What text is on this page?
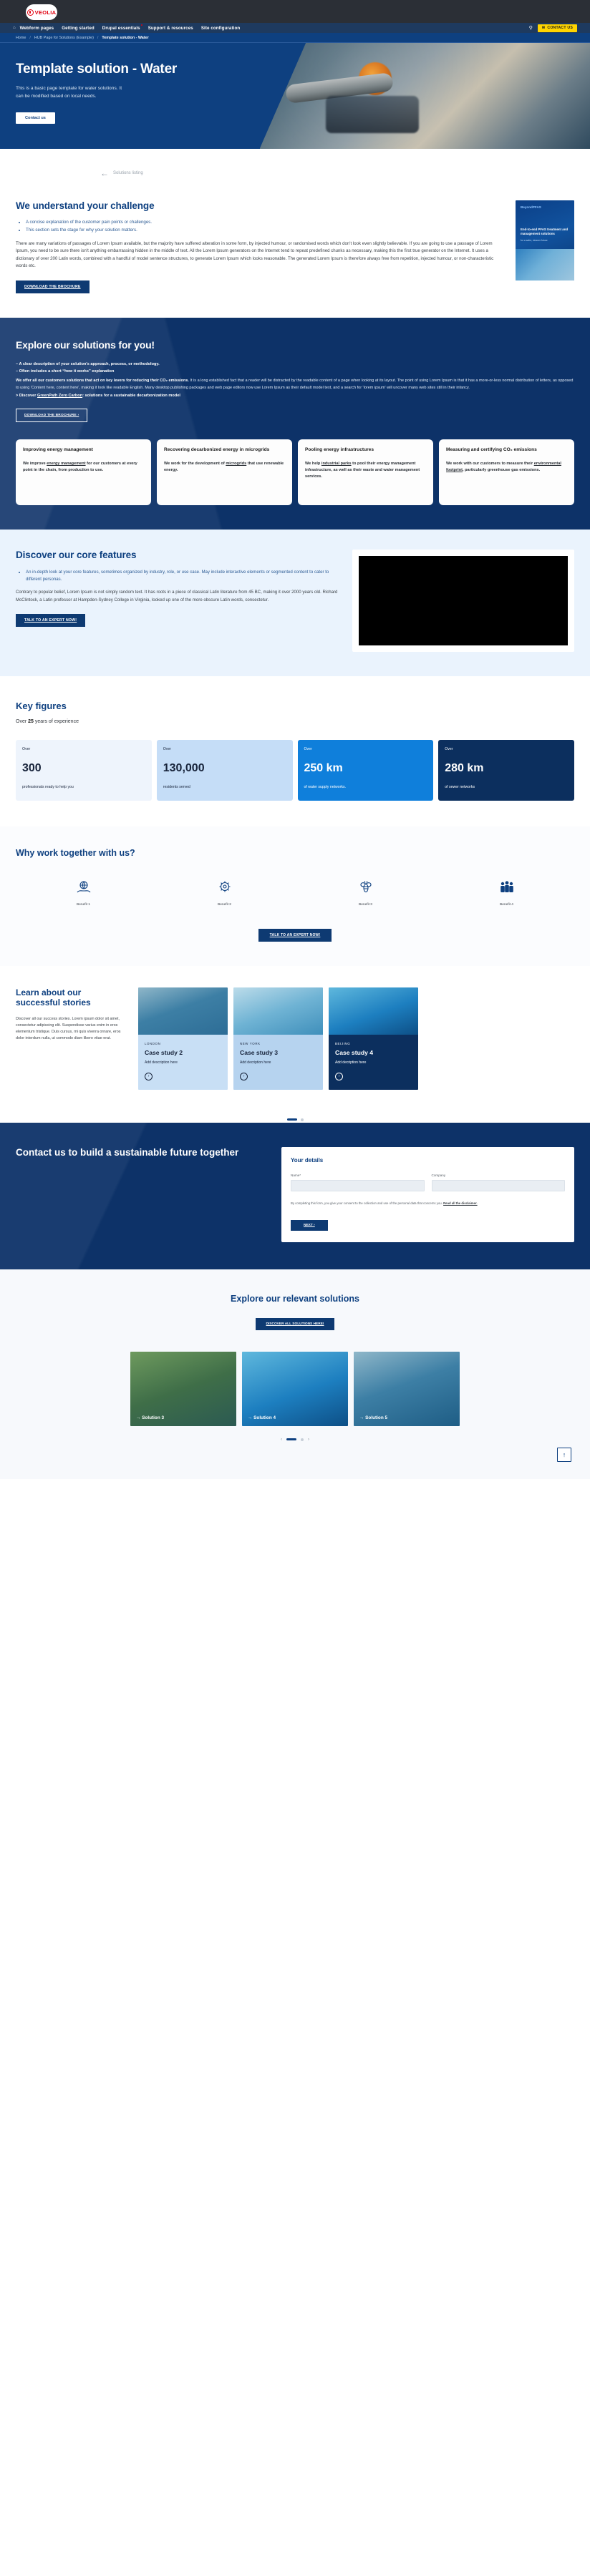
VEOLIA
⌂ Webform pages Getting started Drupal essentials Support & resources Site configuration	⚲	✉ CONTACT US
Home / HUB Page for Solutions (Example) / Template solution - Water
Template solution - Water

This is a basic page template for water solutions. It can be modified based on local needs.

Contact us
← Solutions listing
We understand your challenge
• A concise explanation of the customer pain points or challenges.
• This section sets the stage for why your solution matters.

There are many variations of passages of Lorem Ipsum available, but the majority have suffered alteration in some form, by injected humour, or randomised words which don't look even slightly believable. If you are going to use a passage of Lorem Ipsum, you need to be sure there isn't anything embarrassing hidden in the middle of text. All the Lorem Ipsum generators on the Internet tend to repeat predefined chunks as necessary, making this the first true generator on the Internet. It uses a dictionary of over 200 Latin words, combined with a handful of model sentence structures, to generate Lorem Ipsum which looks reasonable. The generated Lorem Ipsum is therefore always free from repetition, injected humour, or non-characteristic words etc.

DOWNLOAD THE BROCHURE
BeyondPFAS
End-to-end PFAS treatment and management solutions
for a safer, cleaner future
Explore our solutions for you!
– A clear description of your solution's approach, process, or methodology.
– Often includes a short “how it works” explanation

We offer all our customers solutions that act on key levers for reducing their CO₂ emissions. It is a long established fact that a reader will be distracted by the readable content of a page when looking at its layout. The point of using Lorem Ipsum is that it has a more-or-less normal distribution of letters, as opposed to using 'Content here, content here', making it look like readable English. Many desktop publishing packages and web page editors now use Lorem Ipsum as their default model text, and a search for 'lorem ipsum' will uncover many web sites still in their infancy.

> Discover GreenPath Zero Carbon: solutions for a sustainable decarbonization model
DOWNLOAD THE BROCHURE ›
Improving energy management

We improve energy management for our customers at every point in the chain, from production to use.

Recovering decarbonized energy in microgrids

We work for the development of microgrids that use renewable energy.

Pooling energy infrastructures

We help industrial parks to pool their energy management infrastructure, as well as their waste and water management services.

Measuring and certifying CO₂ emissions

We work with our customers to measure their environmental footprint, particularly greenhouse gas emissions.

Discover our core features
• An in-depth look at your core features, sometimes organized by industry, role, or use case. May include interactive elements or segmented content to cater to different personas.

Contrary to popular belief, Lorem Ipsum is not simply random text. It has roots in a piece of classical Latin literature from 45 BC, making it over 2000 years old. Richard McClintock, a Latin professor at Hampden-Sydney College in Virginia, looked up one of the more obscure Latin words, consectetur.

TALK TO AN EXPERT NOW!
Key figures
Over 25 years of experience
Over
300
professionals ready to help you
Over
130,000
residents served
Over
250 km
of water supply networks.
Over
280 km
of sewer networks
Why work together with us?
Benefit 1	Benefit 2	Benefit 3	Benefit 4
TALK TO AN EXPERT NOW!
Learn about our successful stories

Discover all our success stories. Lorem ipsum dolor sit amet, consectetur adipiscing elit. Suspendisse varius enim in eros elementum tristique. Duis cursus, mi quis viverra ornare, eros dolor interdum nulla, ut commodo diam libero vitae erat.

LONDON
Case study 2
Add description here
›
NEW YORK
Case study 3
Add decription here
›
BEIJING
Case study 4
Add decription here
›
Contact us to build a sustainable future together
Your details
Name*	Company
By completing this form, you give your consent to the collection and use of the personal data that concerns you. Read all the disclaimer.
NEXT ›
Explore our relevant solutions
DISCOVER ALL SOLUTIONS HERE!
→ Solution 3	→ Solution 4	→ Solution 5
‹	›
↑
